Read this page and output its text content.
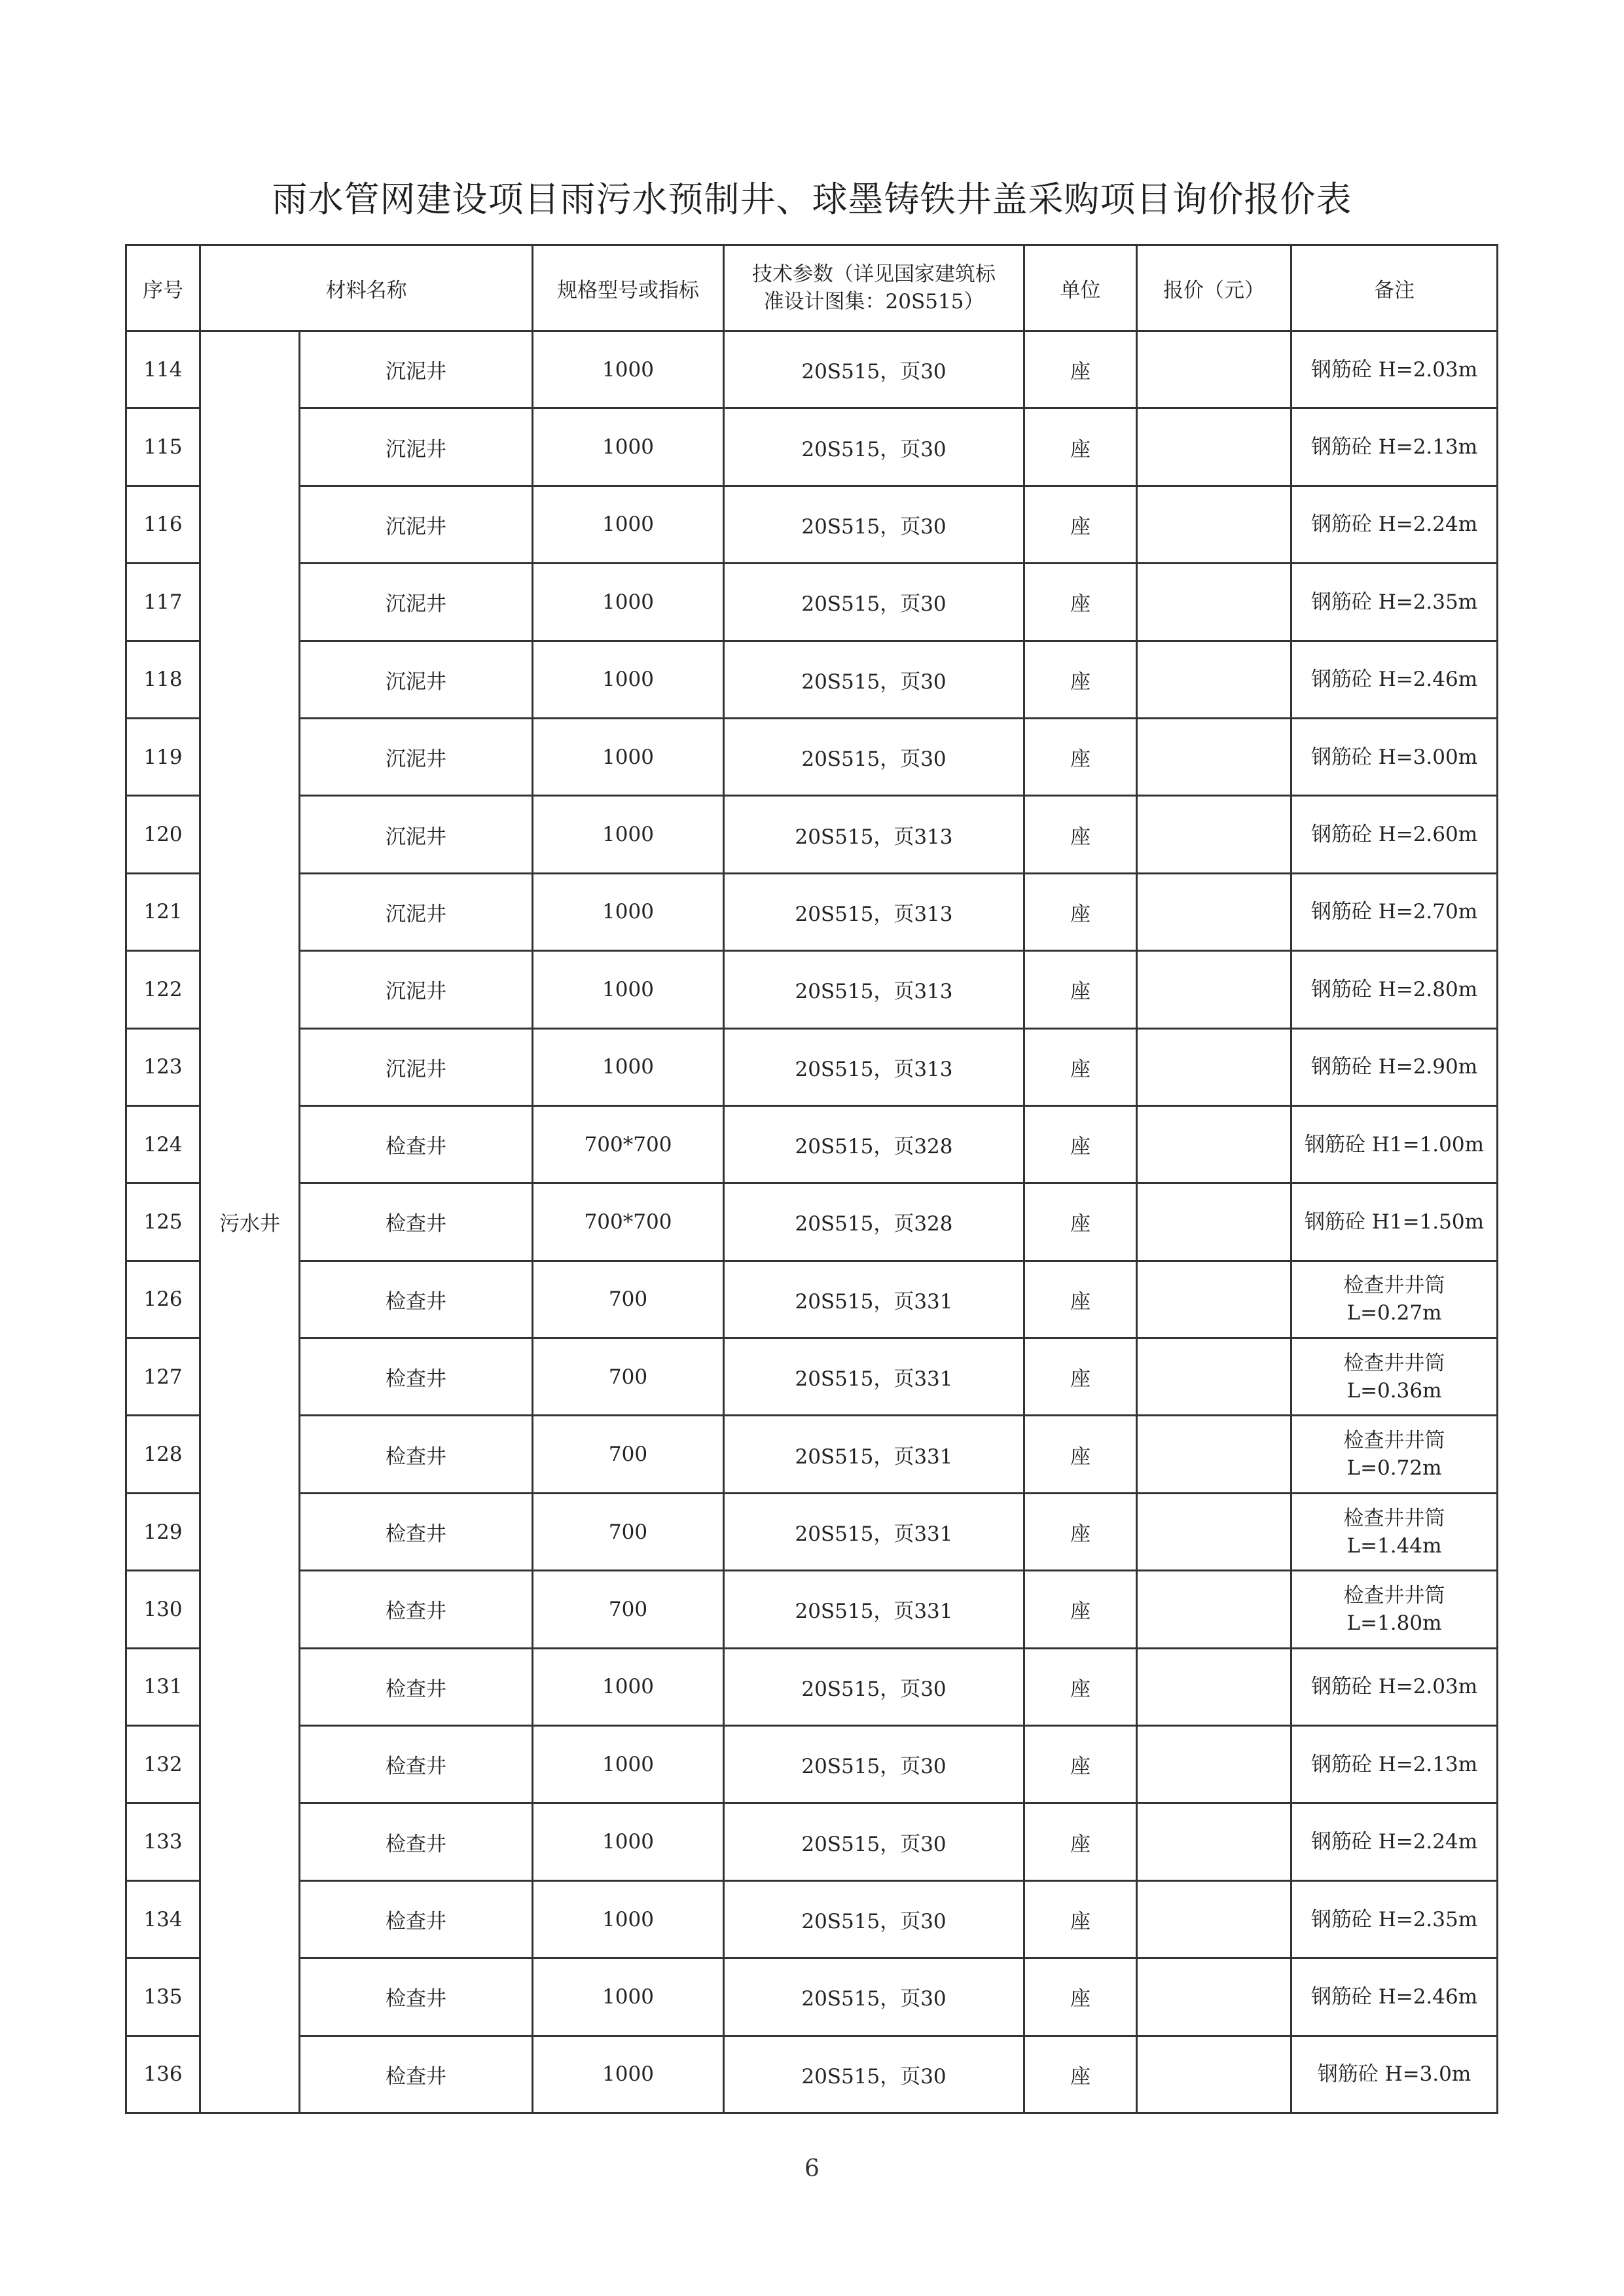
雨水管网建设项目雨污水预制井、球墨铸铁井盖采购项目询价报价表
序号	材料名称		规格型号或指标	技术参数（详见国家建筑标
准设计图集：20S515）	单位	报价（元）	备注
114	污水井	沉泥井	1000	20S515，页30	座		钢筋砼 H=2.03m

115		沉泥井	1000	20S515，页30	座		钢筋砼 H=2.13m

116		沉泥井	1000	20S515，页30	座		钢筋砼 H=2.24m

117		沉泥井	1000	20S515，页30	座		钢筋砼 H=2.35m

118		沉泥井	1000	20S515，页30	座		钢筋砼 H=2.46m

119		沉泥井	1000	20S515，页30	座		钢筋砼 H=3.00m

120		沉泥井	1000	20S515，页313	座		钢筋砼 H=2.60m

121		沉泥井	1000	20S515，页313	座		钢筋砼 H=2.70m

122		沉泥井	1000	20S515，页313	座		钢筋砼 H=2.80m

123		沉泥井	1000	20S515，页313	座		钢筋砼 H=2.90m

124		检查井	700*700	20S515，页328	座		钢筋砼 H1=1.00m

125		检查井	700*700	20S515，页328	座		钢筋砼 H1=1.50m

126		检查井	700	20S515，页331	座		检查井井筒
L=0.27m

127		检查井	700	20S515，页331	座		检查井井筒
L=0.36m

128		检查井	700	20S515，页331	座		检查井井筒
L=0.72m

129		检查井	700	20S515，页331	座		检查井井筒
L=1.44m

130		检查井	700	20S515，页331	座		检查井井筒
L=1.80m

131		检查井	1000	20S515，页30	座		钢筋砼 H=2.03m

132		检查井	1000	20S515，页30	座		钢筋砼 H=2.13m

133		检查井	1000	20S515，页30	座		钢筋砼 H=2.24m

134		检查井	1000	20S515，页30	座		钢筋砼 H=2.35m

135		检查井	1000	20S515，页30	座		钢筋砼 H=2.46m

136		检查井	1000	20S515，页30	座		钢筋砼 H=3.0m
6
